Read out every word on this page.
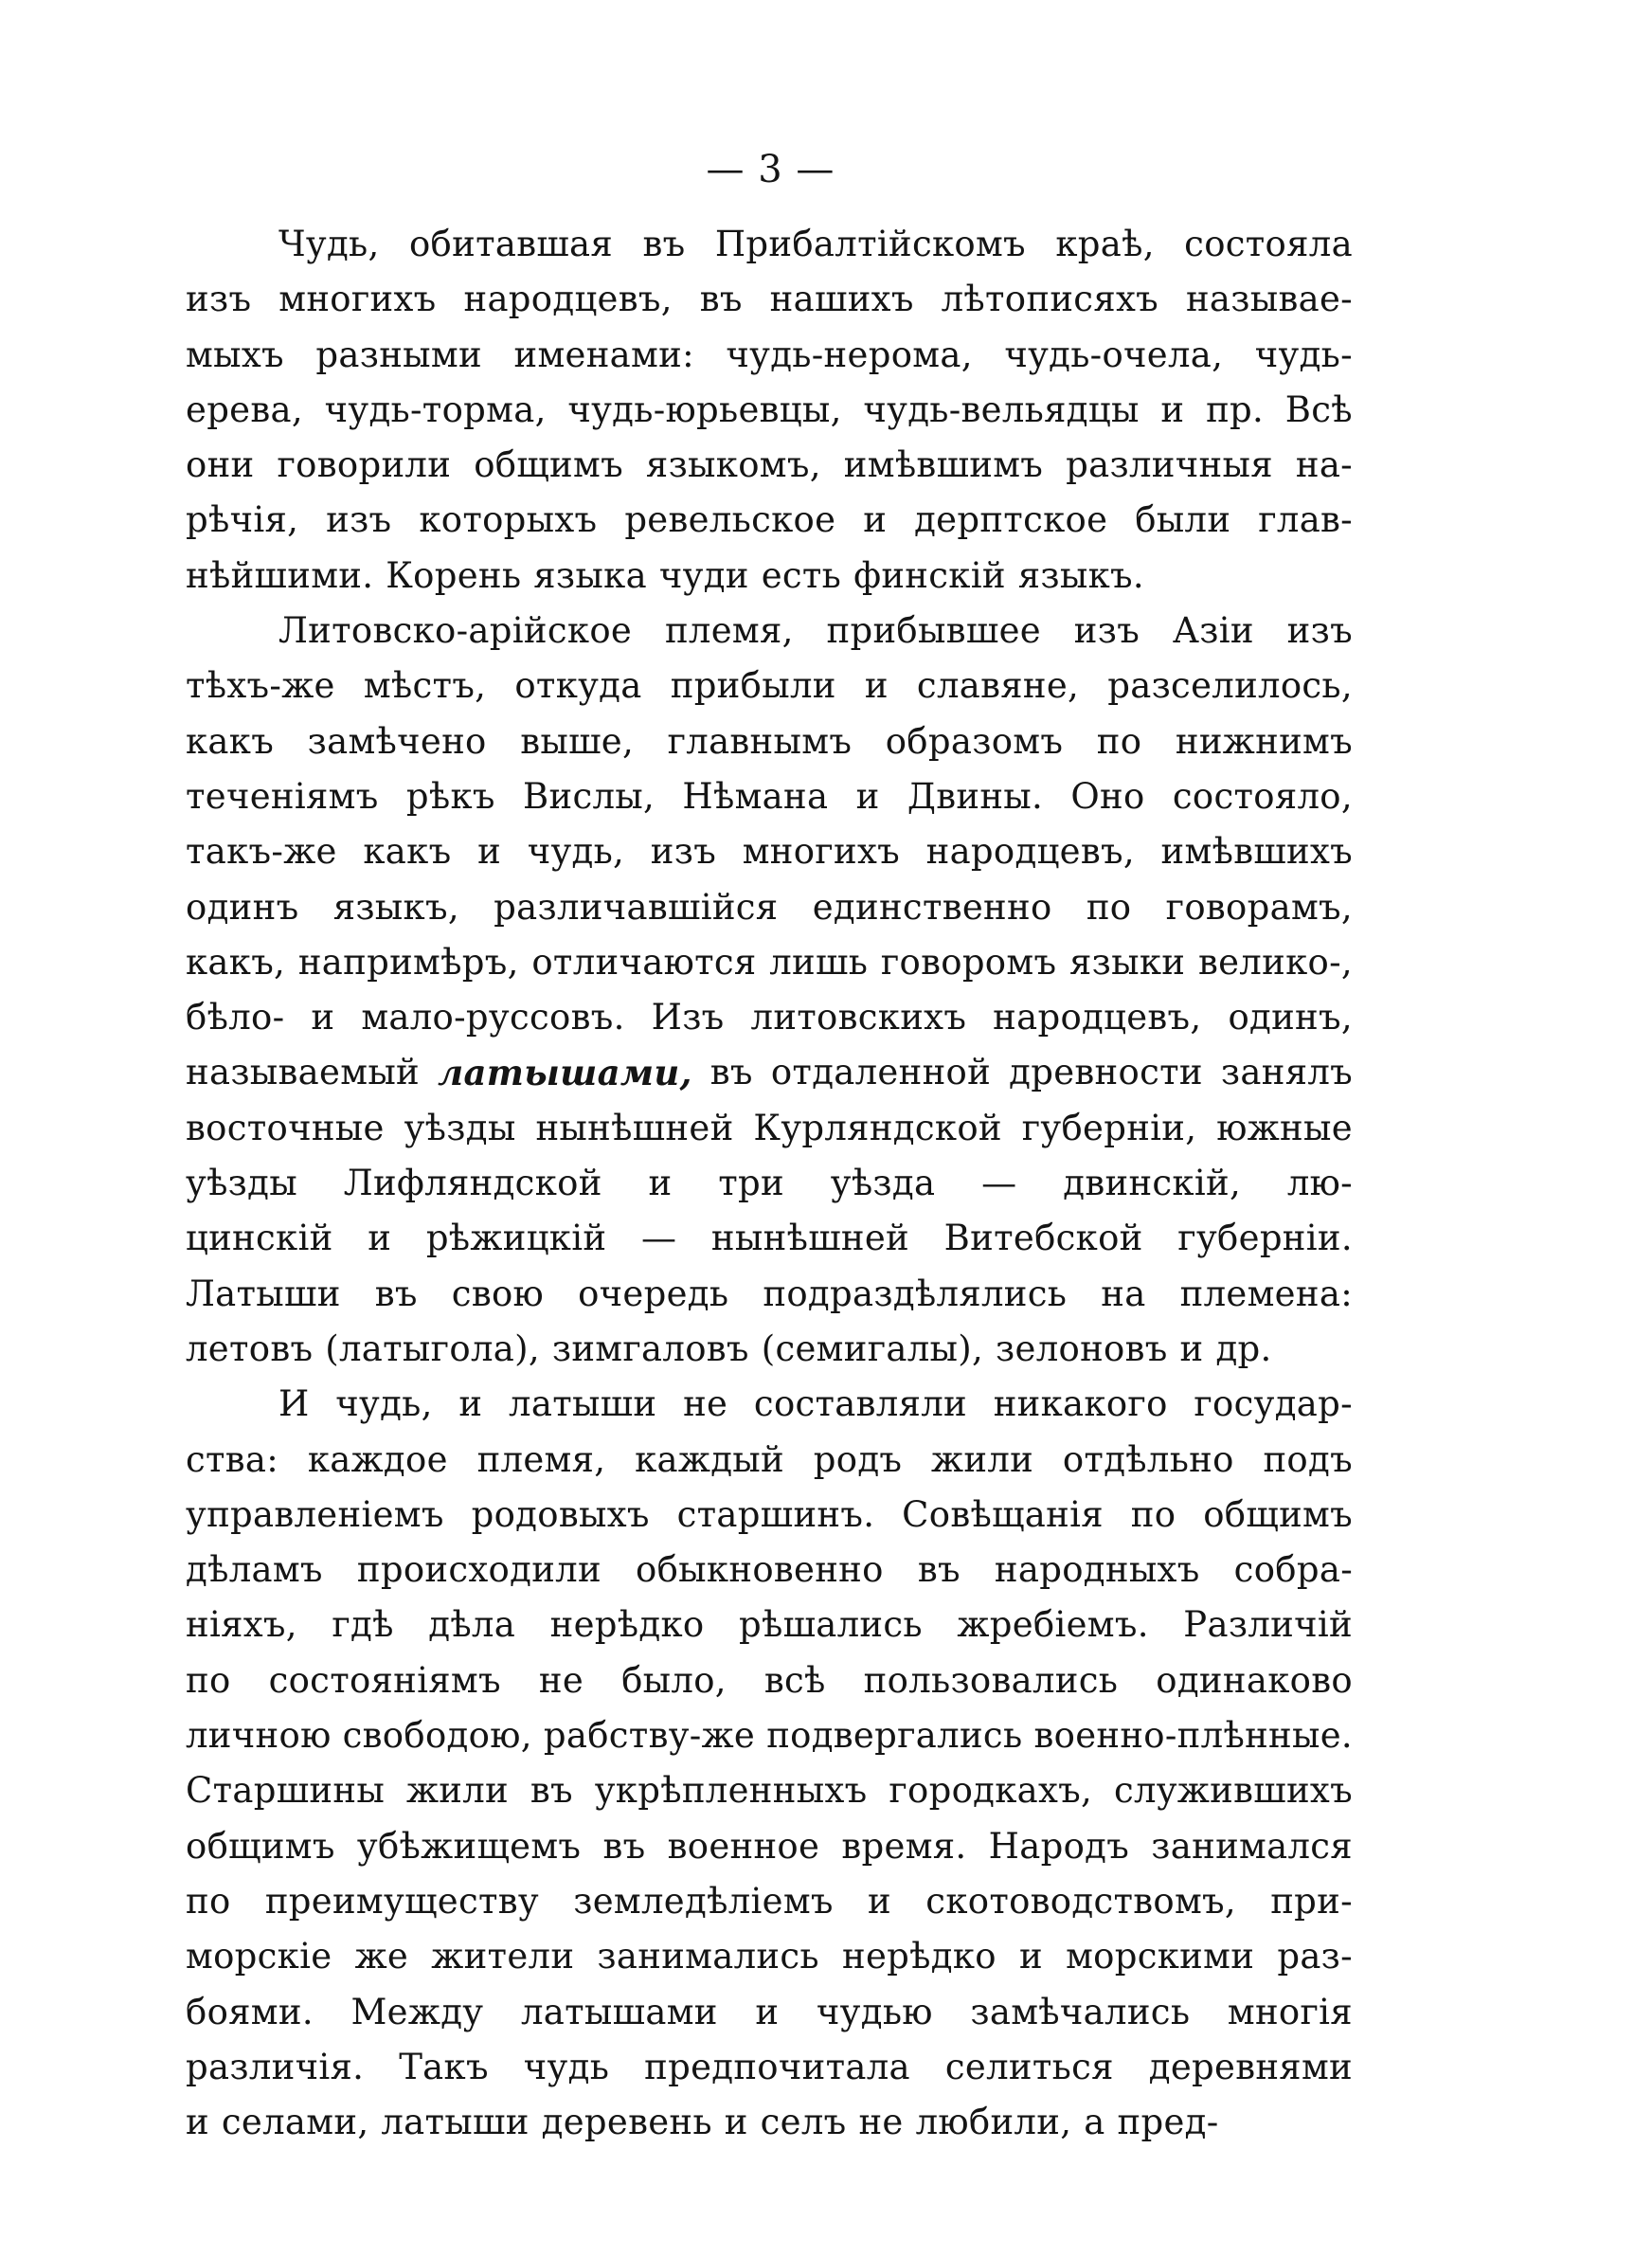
— 3 —
Чудь, обитавшая въ Прибалтійскомъ краѣ, состояла
изъ многихъ народцевъ, въ нашихъ лѣтописяхъ называе-
мыхъ разными именами: чудь-нерома, чудь-очела, чудь-
ерева, чудь-торма, чудь-юрьевцы, чудь-вельядцы и пр. Всѣ
они говорили общимъ языкомъ, имѣвшимъ различныя на-
рѣчія, изъ которыхъ ревельское и дерптское были глав-
нѣйшими. Корень языка чуди есть финскій языкъ.
Литовско-арійское племя, прибывшее изъ Азіи изъ
тѣхъ-же мѣстъ, откуда прибыли и славяне, разселилось,
какъ замѣчено выше, главнымъ образомъ по нижнимъ
теченіямъ рѣкъ Вислы, Нѣмана и Двины. Оно состояло,
такъ-же какъ и чудь, изъ многихъ народцевъ, имѣвшихъ
одинъ языкъ, различавшійся единственно по говорамъ,
какъ, напримѣръ, отличаются лишь говоромъ языки велико-,
бѣло- и мало-руссовъ. Изъ литовскихъ народцевъ, одинъ,
называемый латышами, въ отдаленной древности занялъ
восточные уѣзды нынѣшней Курляндской губерніи, южные
уѣзды Лифляндской и три уѣзда — двинскій, лю-
цинскій и рѣжицкій — нынѣшней Витебской губерніи.
Латыши въ свою очередь подраздѣлялись на племена:
летовъ (латыгола), зимгаловъ (семигалы), зелоновъ и др.
И чудь, и латыши не составляли никакого государ-
ства: каждое племя, каждый родъ жили отдѣльно подъ
управленіемъ родовыхъ старшинъ. Совѣщанія по общимъ
дѣламъ происходили обыкновенно въ народныхъ собра-
ніяхъ, гдѣ дѣла нерѣдко рѣшались жребіемъ. Различій
по состояніямъ не было, всѣ пользовались одинаково
личною свободою, рабству-же подвергались военно-плѣнные.
Старшины жили въ укрѣпленныхъ городкахъ, служившихъ
общимъ убѣжищемъ въ военное время. Народъ занимался
по преимуществу земледѣліемъ и скотоводствомъ, при-
морскіе же жители занимались нерѣдко и морскими раз-
боями. Между латышами и чудью замѣчались многія
различія. Такъ чудь предпочитала селиться деревнями
и селами, латыши деревень и селъ не любили, а пред-
